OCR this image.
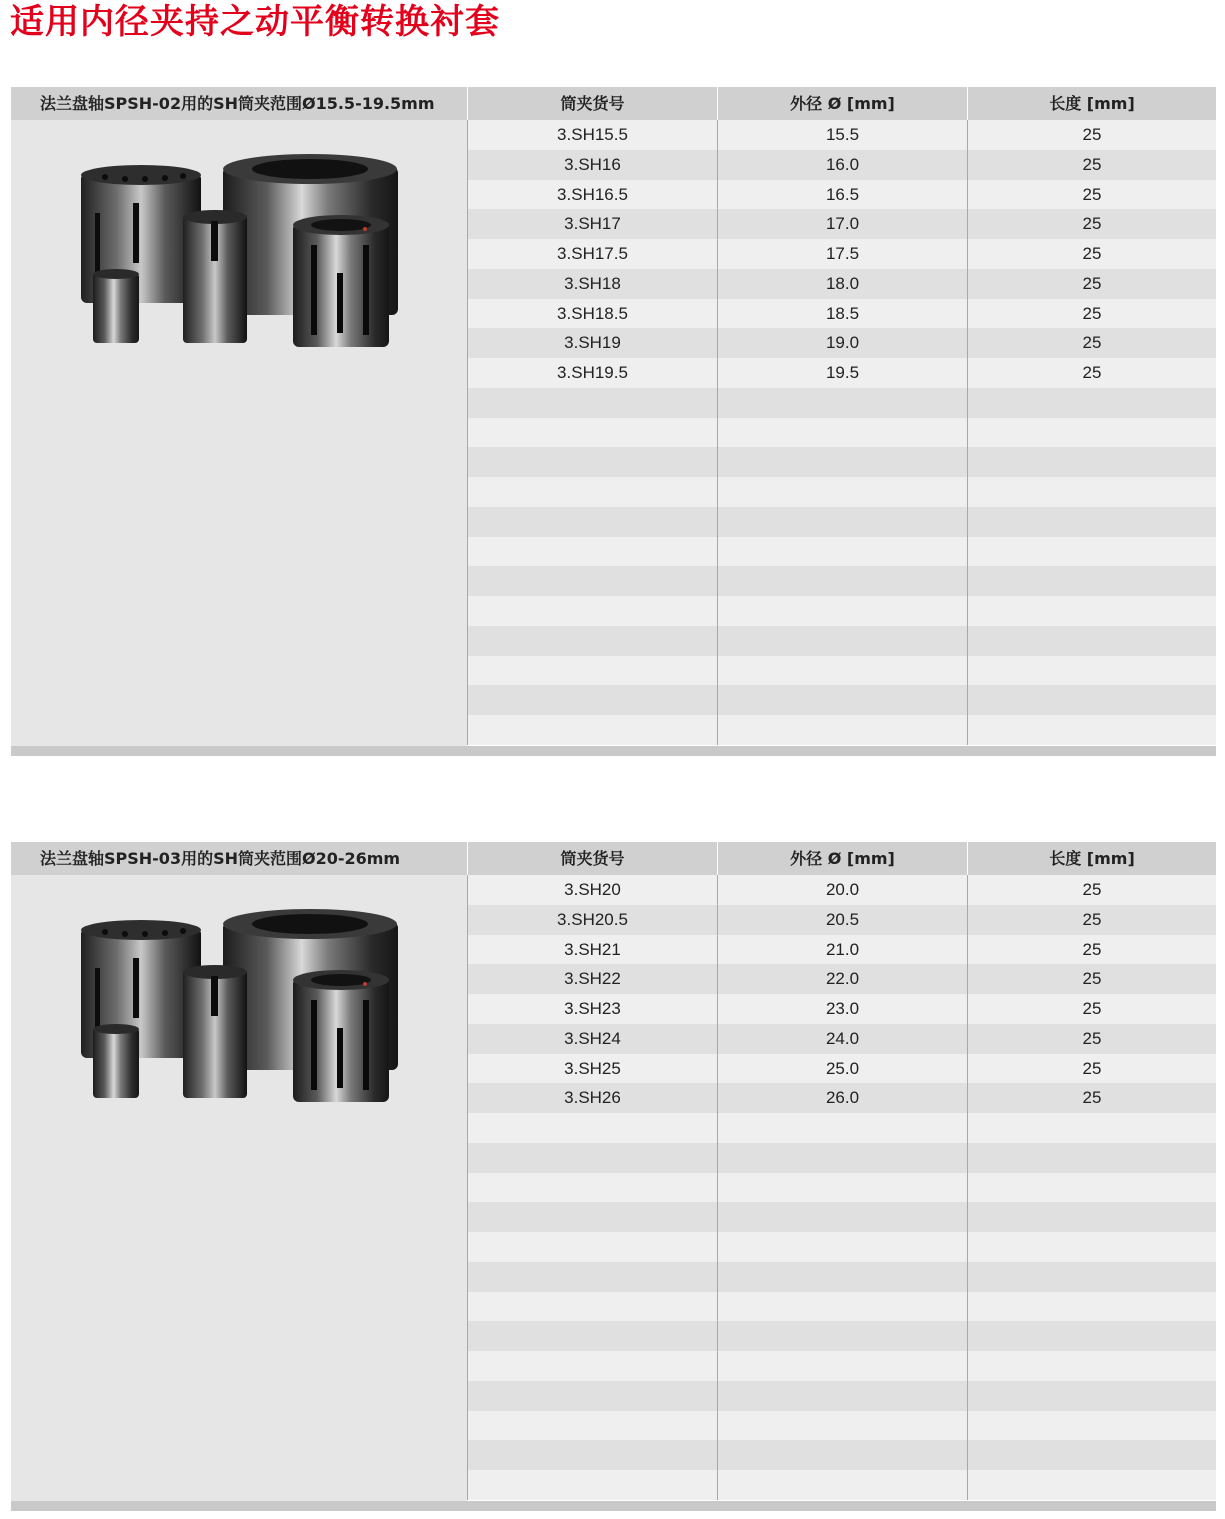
适用内径夹持之动平衡转换衬套
法兰盘轴SPSH-02用的SH筒夹范围Ø15.5-19.5mm	筒夹货号	外径 Ø [mm]	长度 [mm]
3.SH15.5	15.5	25
3.SH16	16.0	25
3.SH16.5	16.5	25
3.SH17	17.0	25
3.SH17.5	17.5	25
3.SH18	18.0	25
3.SH18.5	18.5	25
3.SH19	19.0	25
3.SH19.5	19.5	25
法兰盘轴SPSH-03用的SH筒夹范围Ø20-26mm	筒夹货号	外径 Ø [mm]	长度 [mm]
3.SH20	20.0	25
3.SH20.5	20.5	25
3.SH21	21.0	25
3.SH22	22.0	25
3.SH23	23.0	25
3.SH24	24.0	25
3.SH25	25.0	25
3.SH26	26.0	25
